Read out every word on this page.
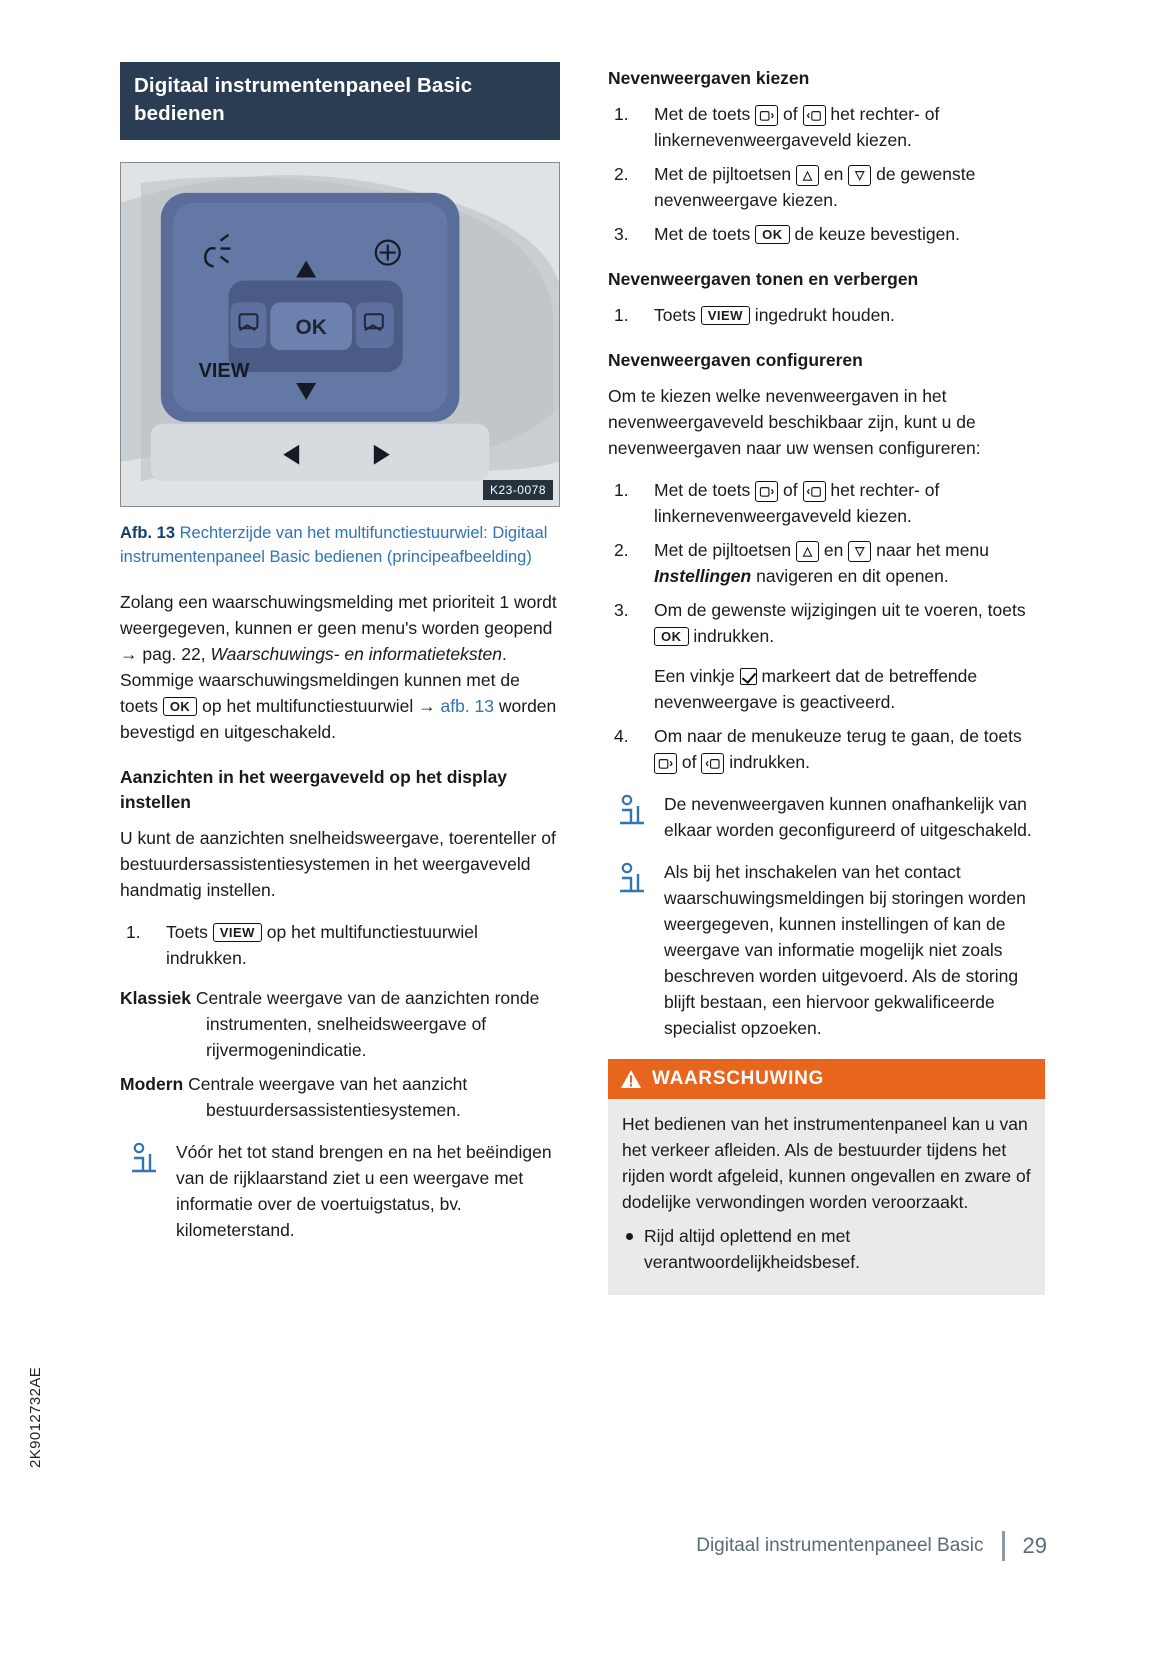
2K9012732AE
Digitaal instrumentenpaneel Basic bedienen
OK
VIEW
K23-0078

Afb. 13 Rechterzijde van het multifunctiestuurwiel: Digitaal instrumentenpaneel Basic bedienen (principeafbeelding)

Zolang een waarschuwingsmelding met prioriteit 1 wordt weergegeven, kunnen er geen menu's worden geopend → pag. 22, Waarschuwings- en informatieteksten. Sommige waarschuwingsmeldingen kunnen met de toets OK op het multifunctiestuurwiel → afb. 13 worden bevestigd en uitgeschakeld.

Aanzichten in het weergaveveld op het display instellen

U kunt de aanzichten snelheidsweergave, toerenteller of bestuurdersassistentiesystemen in het weergaveveld handmatig instellen.

Toets VIEW op het multifunctiestuurwiel indrukken.
Klassiek Centrale weergave van de aanzichten ronde instrumenten, snelheidsweergave of rijvermogenindicatie.
Modern Centrale weergave van het aanzicht bestuurdersassistentiesystemen.
Vóór het tot stand brengen en na het beëindigen van de rijklaarstand ziet u een weergave met informatie over de voertuigstatus, bv. kilometerstand.
Nevenweergaven kiezen
Met de toets ▢› of ‹▢ het rechter- of linkernevenweergaveveld kiezen.
Met de pijltoetsen △ en ▽ de gewenste nevenweergave kiezen.
Met de toets OK de keuze bevestigen.
Nevenweergaven tonen en verbergen
Toets VIEW ingedrukt houden.
Nevenweergaven configureren

Om te kiezen welke nevenweergaven in het nevenweergaveveld beschikbaar zijn, kunt u de nevenweergaven naar uw wensen configureren:

Met de toets ▢› of ‹▢ het rechter- of linkernevenweergaveveld kiezen.
Met de pijltoetsen △ en ▽ naar het menu Instellingen navigeren en dit openen.
Om de gewenste wijzigingen uit te voeren, toets OK indrukken.
Een vinkje  markeert dat de betreffende nevenweergave is geactiveerd.
Om naar de menukeuze terug te gaan, de toets ▢› of ‹▢ indrukken.
De nevenweergaven kunnen onafhankelijk van elkaar worden geconfigureerd of uitgeschakeld.
Als bij het inschakelen van het contact waarschuwingsmeldingen bij storingen worden weergegeven, kunnen instellingen of kan de weergave van informatie mogelijk niet zoals beschreven worden uitgevoerd. Als de storing blijft bestaan, een hiervoor gekwalificeerde specialist opzoeken.
WAARSCHUWING
Het bedienen van het instrumentenpaneel kan u van het verkeer afleiden. Als de bestuurder tijdens het rijden wordt afgeleid, kunnen ongevallen en zware of dodelijke verwondingen worden veroorzaakt.
Rijd altijd oplettend en met verantwoordelijkheidsbesef.
Digitaal instrumentenpaneel Basic 29
